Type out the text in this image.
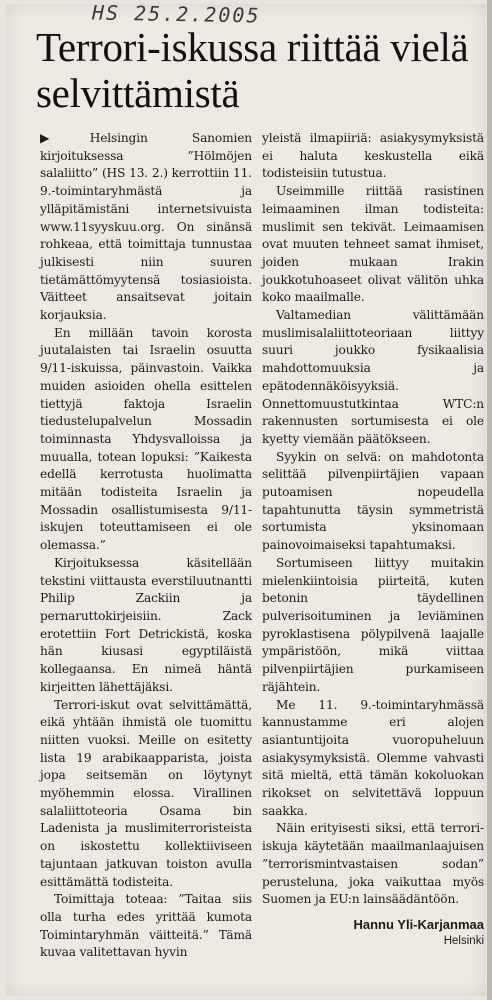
HS 25.2.2005
Terrori-iskussa riittää vielä selvittämistä

▶Helsingin Sanomien kirjoituksessa ”Hölmöjen salaliitto” (HS 13. 2.) kerrottiin 11. 9.-toimintaryhmästä ja ylläpitämistäni internetsivuista www.11syyskuu.org. On sinänsä rohkeaa, että toimittaja tunnustaa julkisesti niin suuren tietämättömyytensä tosiasioista. Väitteet ansaitsevat joitain korjauksia.

En millään tavoin korosta juutalaisten tai Israelin osuutta 9/11-iskuissa, päinvastoin. Vaikka muiden asioiden ohella esittelen tiettyjä faktoja Israelin tiedustelupalvelun Mossadin toiminnasta Yhdysvalloissa ja muualla, totean lopuksi: ”Kaikesta edellä kerrotusta huolimatta mitään todisteita Israelin ja Mossadin osallistumisesta 9/11-iskujen toteuttamiseen ei ole olemassa.”

Kirjoituksessa käsitellään tekstini viittausta everstiluutnantti Philip Zackiin ja pernaruttokirjeisiin. Zack erotettiin Fort Detrickistä, koska hän kiusasi egyptiläistä kollegaansa. En nimeä häntä kirjeitten lähettäjäksi.

Terrori-iskut ovat selvittämättä, eikä yhtään ihmistä ole tuomittu niitten vuoksi. Meille on esitetty lista 19 arabikaapparista, joista jopa seitsemän on löytynyt myöhemmin elossa. Virallinen salaliittoteoria Osama bin Ladenista ja muslimiterroristeista on iskostettu kollektiiviseen tajuntaan jatkuvan toiston avulla esittämättä todisteita.

Toimittaja toteaa: ”Taitaa siis olla turha edes yrittää kumota Toimintaryhmän väitteitä.” Tämä kuvaa valitettavan hyvin

yleistä ilmapiiriä: asiakysymyksistä ei haluta keskustella eikä todisteisiin tutustua.

Useimmille riittää rasistinen leimaaminen ilman todisteita: muslimit sen tekivät. Leimaamisen ovat muuten tehneet samat ihmiset, joiden mukaan Irakin joukkotuhoaseet olivat välitön uhka koko maailmalle.

Valtamedian välittämään muslimisalaliittoteoriaan liittyy suuri joukko fysikaalisia mahdottomuuksia ja epätodennäköisyyksiä. Onnettomuustutkintaa WTC:n rakennusten sortumisesta ei ole kyetty viemään päätökseen.

Syykin on selvä: on mahdotonta selittää pilvenpiirtäjien vapaan putoamisen nopeudella tapahtunutta täysin symmetristä sortumista yksinomaan painovoimaiseksi tapahtumaksi.

Sortumiseen liittyy muitakin mielenkiintoisia piirteitä, kuten betonin täydellinen pulverisoituminen ja leviäminen pyroklastisena pölypilvenä laajalle ympäristöön, mikä viittaa pilvenpiirtäjien purkamiseen räjähtein.

Me 11. 9.-toimintaryhmässä kannustamme eri alojen asiantuntijoita vuoropuheluun asiakysymyksistä. Olemme vahvasti sitä mieltä, että tämän kokoluokan rikokset on selvitettävä loppuun saakka.

Näin erityisesti siksi, että terrori-iskuja käytetään maailmanlaajuisen ”terrorismintvastaisen sodan” perusteluna, joka vaikuttaa myös Suomen ja EU:n lainsäädäntöön.

Hannu Yli-Karjanmaa
Helsinki
